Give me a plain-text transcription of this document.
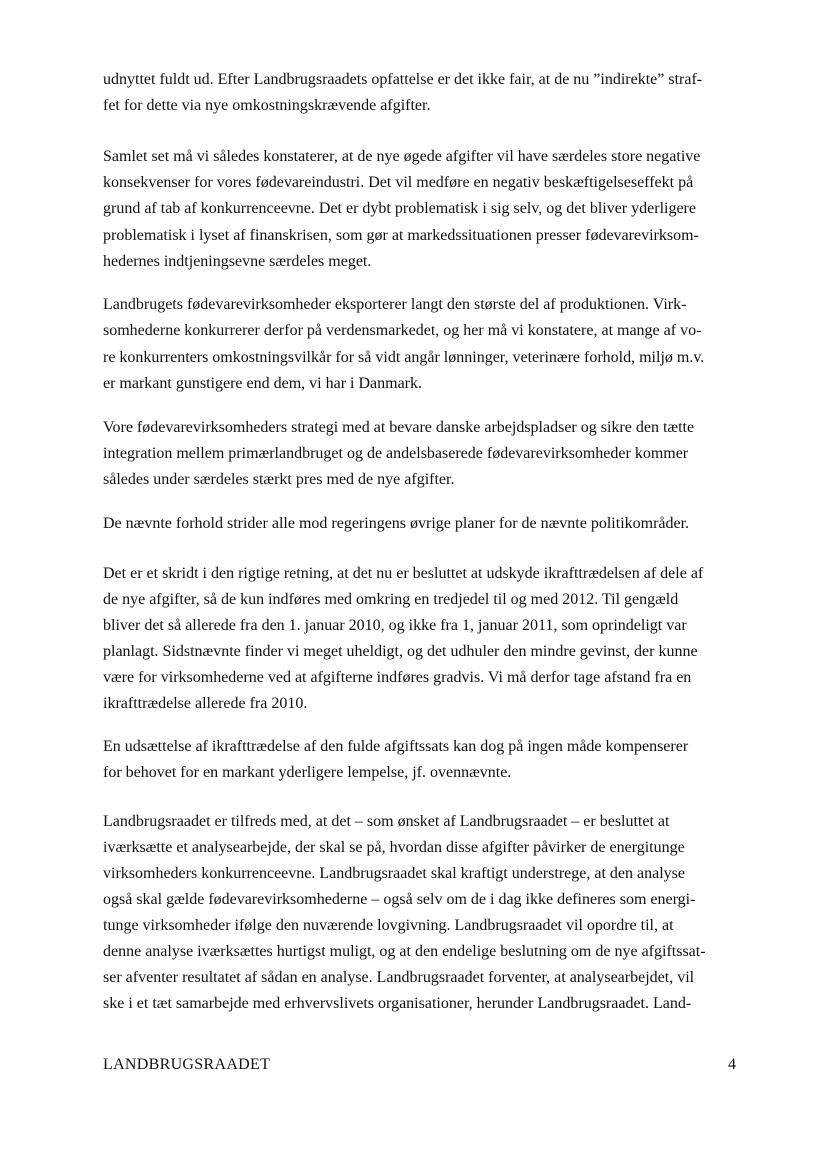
udnyttet fuldt ud. Efter Landbrugsraadets opfattelse er det ikke fair, at de nu ”indirekte” straf-
fet for dette via nye omkostningskrævende afgifter.
Samlet set må vi således konstaterer, at de nye øgede afgifter vil have særdeles store negative
konsekvenser for vores fødevareindustri. Det vil medføre en negativ beskæftigelseseffekt på
grund af tab af konkurrenceevne. Det er dybt problematisk i sig selv, og det bliver yderligere
problematisk i lyset af finanskrisen, som gør at markedssituationen presser fødevarevirksom-
hedernes indtjeningsevne særdeles meget.
Landbrugets fødevarevirksomheder eksporterer langt den største del af produktionen. Virk-
somhederne konkurrerer derfor på verdensmarkedet, og her må vi konstatere, at mange af vo-
re konkurrenters omkostningsvilkår for så vidt angår lønninger, veterinære forhold, miljø m.v.
er markant gunstigere end dem, vi har i Danmark.
Vore fødevarevirksomheders strategi med at bevare danske arbejdspladser og sikre den tætte
integration mellem primærlandbruget og de andelsbaserede fødevarevirksomheder kommer
således under særdeles stærkt pres med de nye afgifter.
De nævnte forhold strider alle mod regeringens øvrige planer for de nævnte politikområder.
Det er et skridt i den rigtige retning, at det nu er besluttet at udskyde ikrafttrædelsen af dele af
de nye afgifter, så de kun indføres med omkring en tredjedel til og med 2012. Til gengæld
bliver det så allerede fra den 1. januar 2010, og ikke fra 1, januar 2011, som oprindeligt var
planlagt. Sidstnævnte finder vi meget uheldigt, og det udhuler den mindre gevinst, der kunne
være for virksomhederne ved at afgifterne indføres gradvis. Vi må derfor tage afstand fra en
ikrafttrædelse allerede fra 2010.
En udsættelse af ikrafttrædelse af den fulde afgiftssats kan dog på ingen måde kompenserer
for behovet for en markant yderligere lempelse, jf. ovennævnte.
Landbrugsraadet er tilfreds med, at det – som ønsket af Landbrugsraadet – er besluttet at
iværksætte et analysearbejde, der skal se på, hvordan disse afgifter påvirker de energitunge
virksomheders konkurrenceevne. Landbrugsraadet skal kraftigt understrege, at den analyse
også skal gælde fødevarevirksomhederne – også selv om de i dag ikke defineres som energi-
tunge virksomheder ifølge den nuværende lovgivning. Landbrugsraadet vil opordre til, at
denne analyse iværksættes hurtigst muligt, og at den endelige beslutning om de nye afgiftssat-
ser afventer resultatet af sådan en analyse. Landbrugsraadet forventer, at analysearbejdet, vil
ske i et tæt samarbejde med erhvervslivets organisationer, herunder Landbrugsraadet. Land-
LANDBRUGSRAADET	4
